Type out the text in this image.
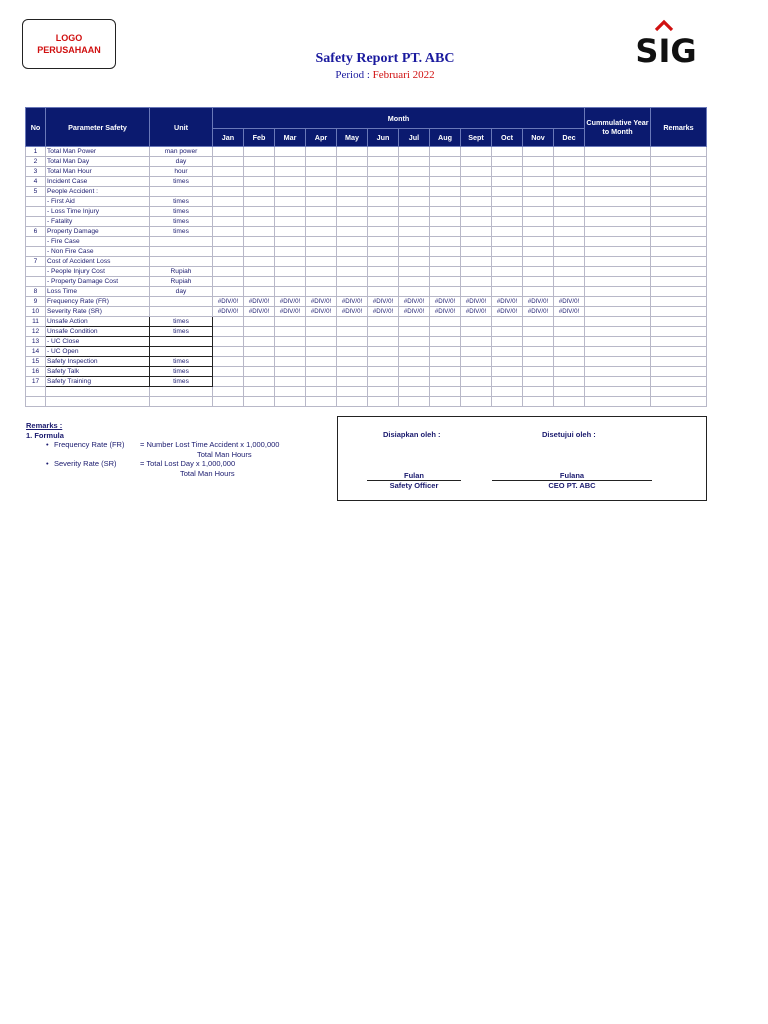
LOGO
PERUSAHAAN	SIG
Safety Report PT. ABC
Period : Februari 2022
No	Parameter Safety	Unit	Month												Cummulative Year to Month	Remarks
			Jan	Feb	Mar	Apr	May	Jun	Jul	Aug	Sept	Oct	Nov	Dec		
1	Total Man Power	man power														
2	Total Man Day	day														
3	Total Man Hour	hour														
4	Incident Case	times														
5	People Accident :															
	- First Aid	times														
	- Loss Time Injury	times														
	- Fatality	times														
6	Property Damage	times														
	- Fire Case															
	- Non Fire Case															
7	Cost of Accident Loss															
	- People Injury Cost	Rupiah														
	- Property Damage Cost	Rupiah														
8	Loss Time	day														
9	Frequency Rate (FR)		#DIV/0!	#DIV/0!	#DIV/0!	#DIV/0!	#DIV/0!	#DIV/0!	#DIV/0!	#DIV/0!	#DIV/0!	#DIV/0!	#DIV/0!	#DIV/0!		
10	Severity Rate (SR)		#DIV/0!	#DIV/0!	#DIV/0!	#DIV/0!	#DIV/0!	#DIV/0!	#DIV/0!	#DIV/0!	#DIV/0!	#DIV/0!	#DIV/0!	#DIV/0!		
11	Unsafe Action	times														
12	Unsafe Condition	times														
13	- UC Close															
14	- UC Open															
15	Safety Inspection	times														
16	Safety Talk	times														
17	Safety Training	times														

Remarks :
1. Formula
• Frequency Rate (FR) = Number Lost Time Accident x 1,000,000
Total Man Hours
• Severity Rate (SR)	= Total Lost Day x 1,000,000
Total Man Hours
Disiapkan oleh :	Disetujui oleh :
Fulan
Safety Officer
Fulana
CEO PT. ABC
